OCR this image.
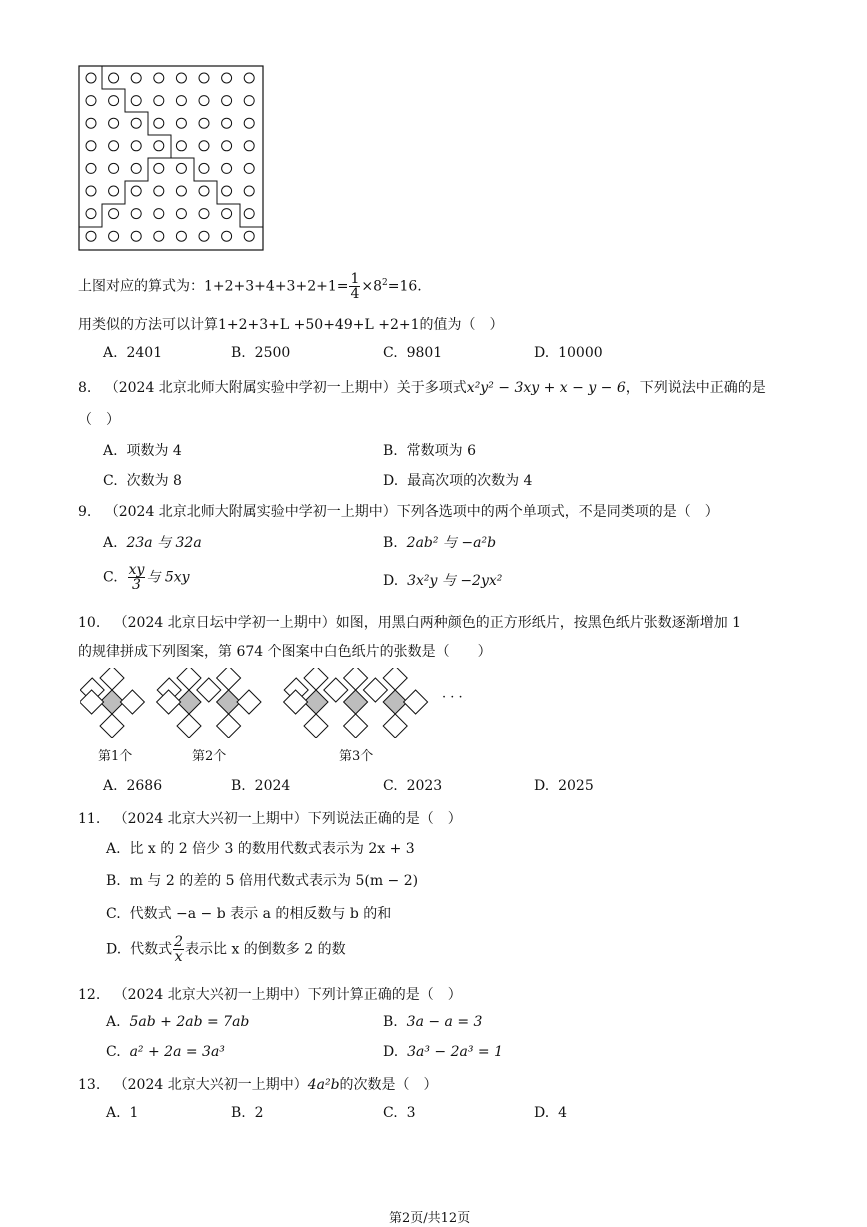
上图对应的算式为：$1+2+3+4+3+2+1= \frac{1}{4} \times 8^2=16$.
用类似的方法可以计算1+2+3+L +50+49+L +2+1的值为（　）
A. 2401	B. 2500	C. 9801	D. 10000
8. （2024 北京北师大附属实验中学初一上期中）关于多项式x²y² − 3xy + x − y − 6，下列说法中正确的是
（　）
A. 项数为 4	B. 常数项为 6
C. 次数为 8	D. 最高次项的次数为 4
9. （2024 北京北师大附属实验中学初一上期中）下列各选项中的两个单项式，不是同类项的是（　）
A. 23a 与 32a	B. 2ab² 与 −a²b
C. $\frac{xy}{3}$ 与 5xy	D. 3x²y 与 −2yx²
10. （2024 北京日坛中学初一上期中）如图，用黑白两种颜色的正方形纸片，按黑色纸片张数逐渐增加 1
的规律拼成下列图案，第 674 个图案中白色纸片的张数是（　　）
· · ·
第1个	第2个	第3个
A. 2686	B. 2024	C. 2023	D. 2025
11. （2024 北京大兴初一上期中）下列说法正确的是（　）
A. 比 x 的 2 倍少 3 的数用代数式表示为 2x + 3
B. m 与 2 的差的 5 倍用代数式表示为 5(m − 2)
C. 代数式 −a − b 表示 a 的相反数与 b 的和
D. 代数式 $\frac{2}{x}$ 表示比 x 的倒数多 2 的数
12. （2024 北京大兴初一上期中）下列计算正确的是（　）
A. 5ab + 2ab = 7ab	B. 3a − a = 3
C. a² + 2a = 3a³	D. 3a³ − 2a³ = 1
13. （2024 北京大兴初一上期中）4a²b的次数是（　）
A. 1	B. 2	C. 3	D. 4
第2页/共12页
